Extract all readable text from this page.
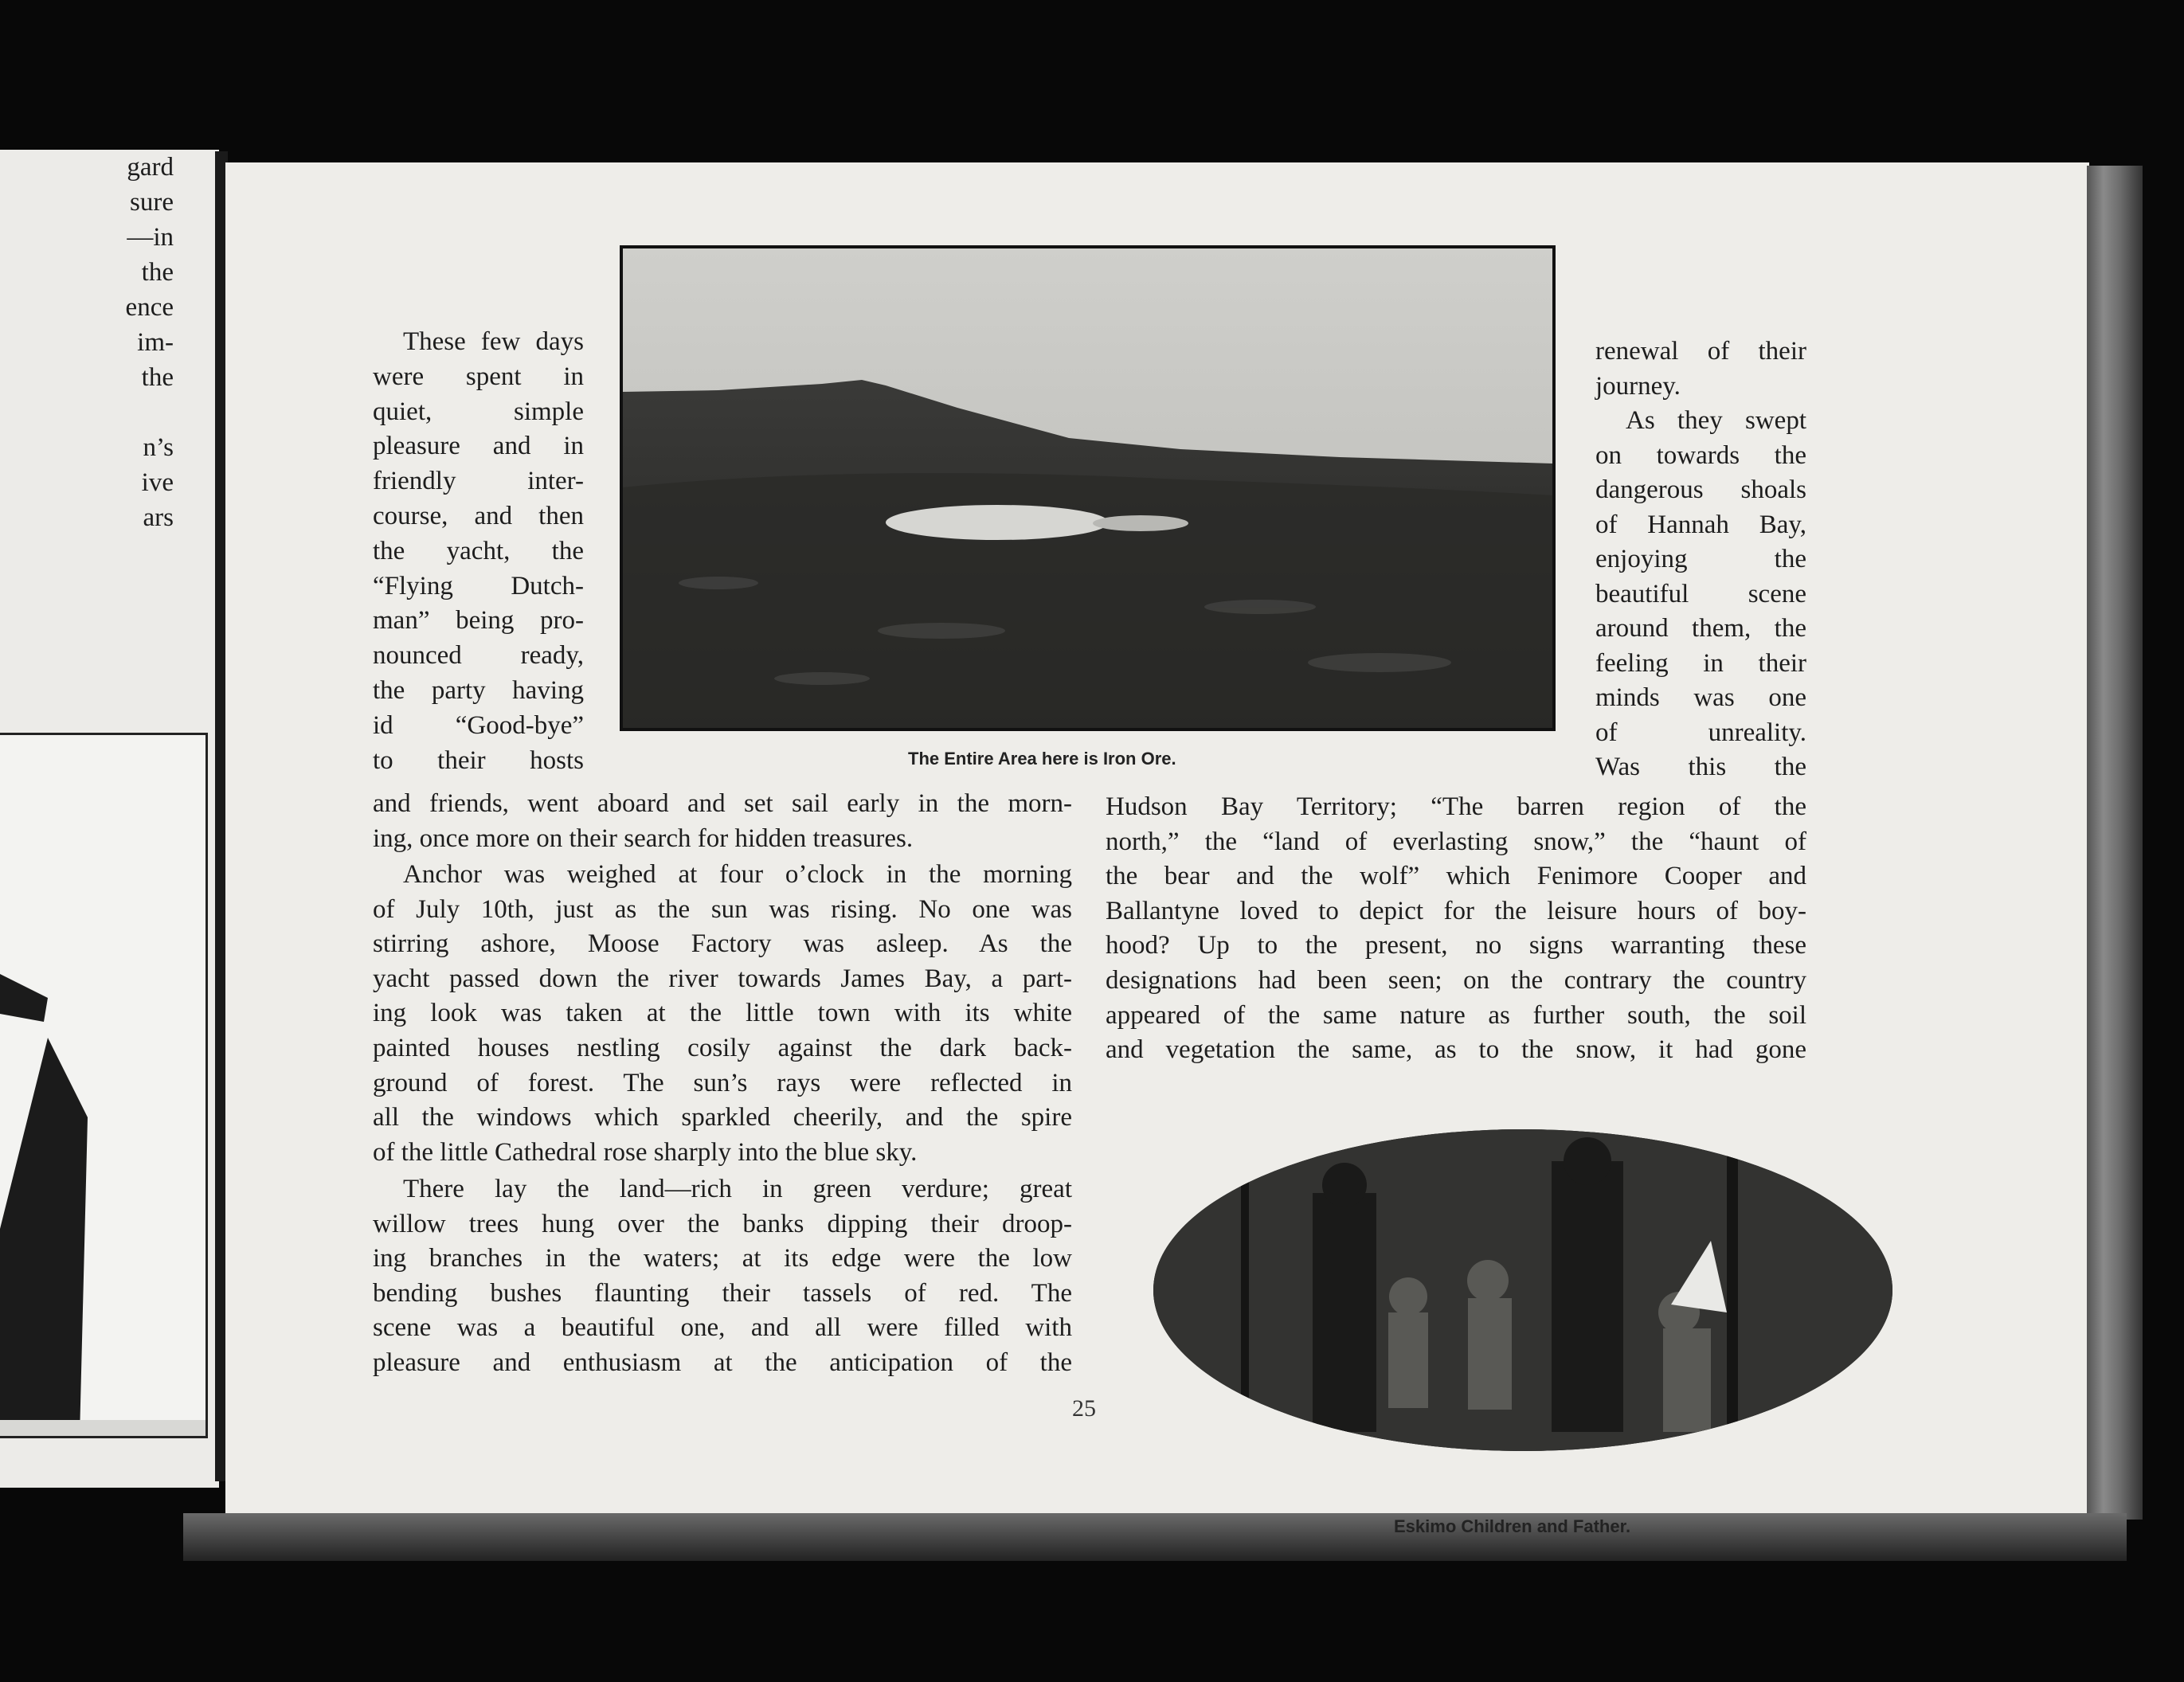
gard
sure
—in
the
ence
im-
the

n’s
ive
ars
The Entire Area here is Iron Ore.

These few days

were spent in

quiet, simple

pleasure and in

friendly inter-

course, and then

the yacht, the

“Flying Dutch-

man” being pro-

nounced ready,

the party having

id “Good-bye”

to their hosts

and friends, went aboard and set sail early in the morn-

ing, once more on their search for hidden treasures.

Anchor was weighed at four o’clock in the morning

of July 10th, just as the sun was rising. No one was

stirring ashore, Moose Factory was asleep. As the

yacht passed down the river towards James Bay, a part-

ing look was taken at the little town with its white

painted houses nestling cosily against the dark back-

ground of forest. The sun’s rays were reflected in

all the windows which sparkled cheerily, and the spire

of the little Cathedral rose sharply into the blue sky.

There lay the land—rich in green verdure; great

willow trees hung over the banks dipping their droop-

ing branches in the waters; at its edge were the low

bending bushes flaunting their tassels of red. The

scene was a beautiful one, and all were filled with

pleasure and enthusiasm at the anticipation of the

renewal of their

journey.

As they swept

on towards the

dangerous shoals

of Hannah Bay,

enjoying the

beautiful scene

around them, the

feeling in their

minds was one

of unreality.

Was this the

Hudson Bay Territory; “The barren region of the

north,” the “land of everlasting snow,” the “haunt of

the bear and the wolf” which Fenimore Cooper and

Ballantyne loved to depict for the leisure hours of boy-

hood? Up to the present, no signs warranting these

designations had been seen; on the contrary the country

appeared of the same nature as further south, the soil

and vegetation the same, as to the snow, it had gone

Eskimo Children and Father.
25
